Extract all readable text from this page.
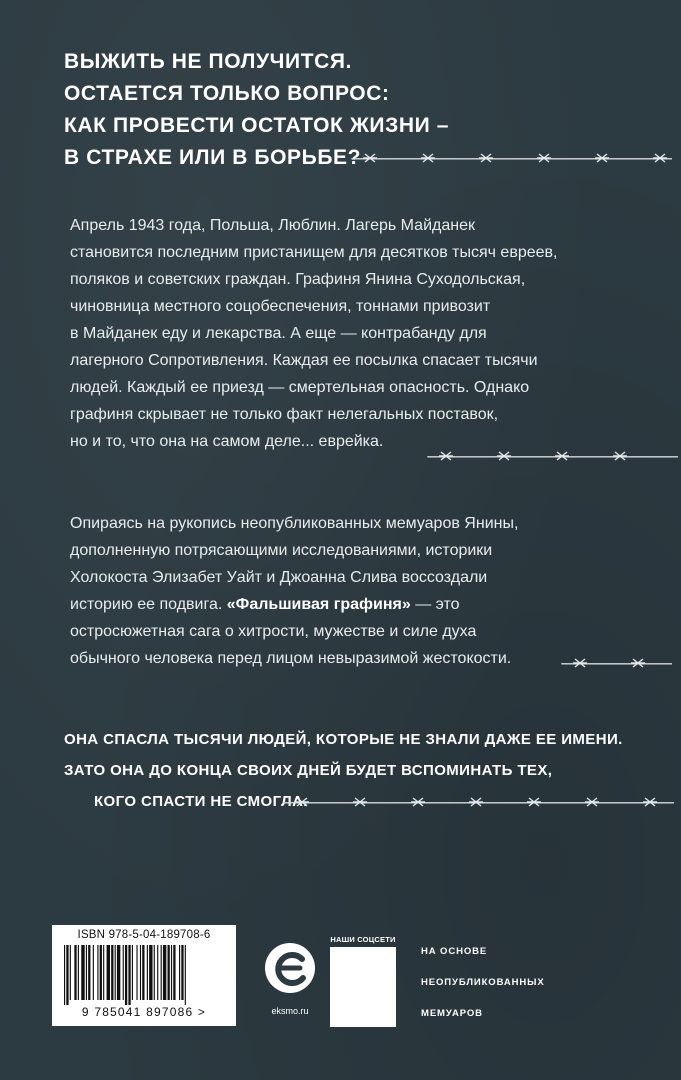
ВЫЖИТЬ НЕ ПОЛУЧИТСЯ.
ОСТАЕТСЯ ТОЛЬКО ВОПРОС:
КАК ПРОВЕСТИ ОСТАТОК ЖИЗНИ –
В СТРАХЕ ИЛИ В БОРЬБЕ?
Апрель 1943 года, Польша, Люблин. Лагерь Майданек
становится последним пристанищем для десятков тысяч евреев,
поляков и советских граждан. Графиня Янина Суходольская,
чиновница местного соцобеспечения, тоннами привозит
в Майданек еду и лекарства. А еще — контрабанду для
лагерного Сопротивления. Каждая ее посылка спасает тысячи
людей. Каждый ее приезд — смертельная опасность. Однако
графиня скрывает не только факт нелегальных поставок,
но и то, что она на самом деле... еврейка.
Опираясь на рукопись неопубликованных мемуаров Янины,
дополненную потрясающими исследованиями, историки
Холокоста Элизабет Уайт и Джоанна Слива воссоздали
историю ее подвига. «Фальшивая графиня» — это
остросюжетная сага о хитрости, мужестве и силе духа
обычного человека перед лицом невыразимой жестокости.
ОНА СПАСЛА ТЫСЯЧИ ЛЮДЕЙ, КОТОРЫЕ НЕ ЗНАЛИ ДАЖЕ ЕЕ ИМЕНИ.
ЗАТО ОНА ДО КОНЦА СВОИХ ДНЕЙ БУДЕТ ВСПОМИНАТЬ ТЕХ,
КОГО СПАСТИ НЕ СМОГЛА.
ISBN 978-5-04-189708-6
9 785041 897086 >	eksmo.ru
НАШИ СОЦСЕТИ
НА ОСНОВЕ
НЕОПУБЛИКОВАННЫХ
МЕМУАРОВ
